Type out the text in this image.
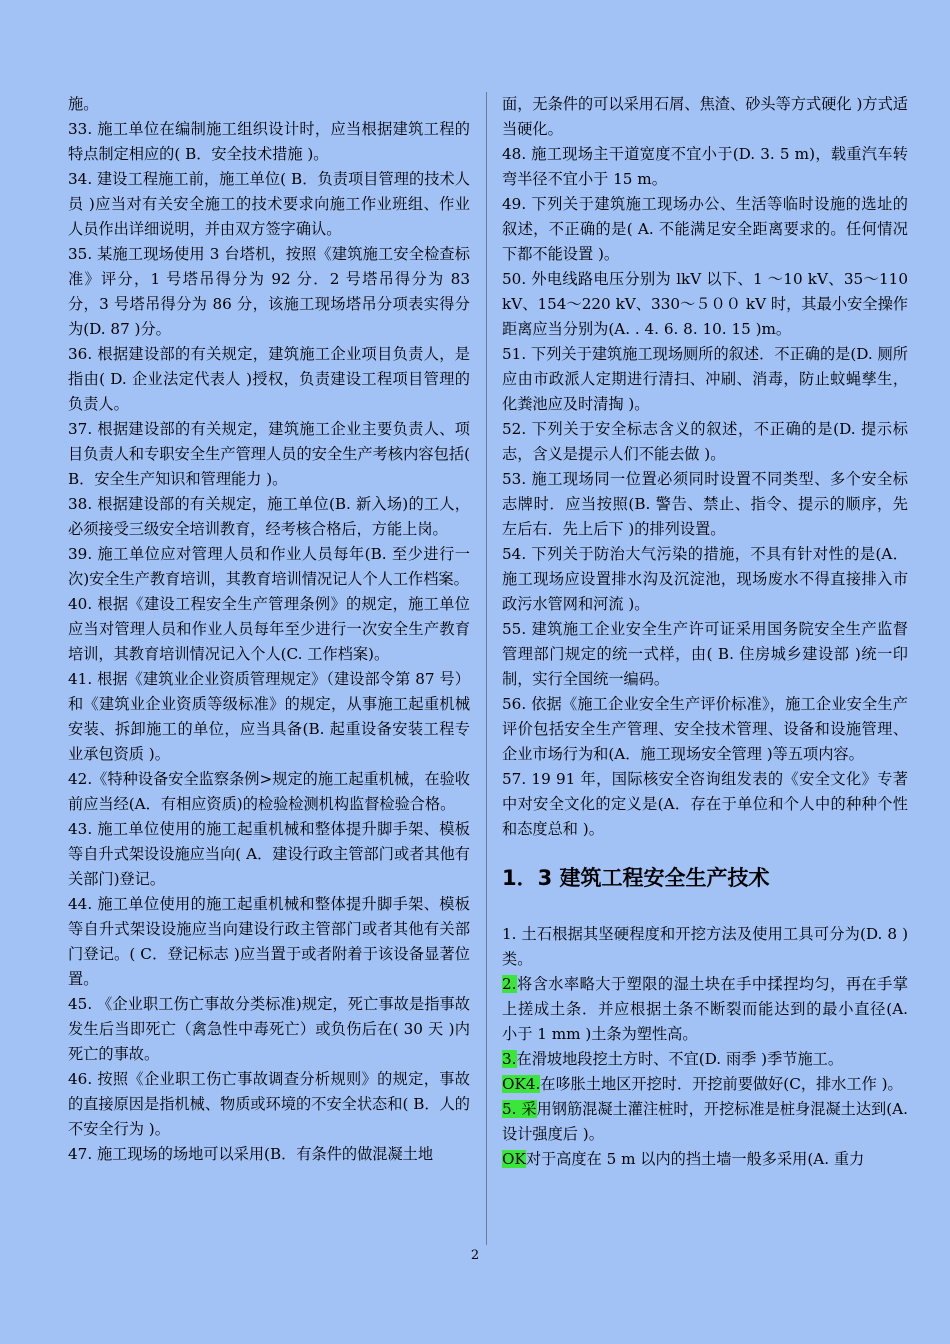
施。

33. 施工单位在编制施工组织设计时，应当根据建筑工程的特点制定相应的( B．安全技术措施 )。

34. 建设工程施工前，施工单位( B．负责项目管理的技术人员 )应当对有关安全施工的技术要求向施工作业班组、作业人员作出详细说明，并由双方签字确认。

35. 某施工现场使用 3 台塔机，按照《建筑施工安全检查标准》评分，1 号塔吊得分为 92 分．2 号塔吊得分为 83 分，3 号塔吊得分为 86 分，该施工现场塔吊分项表实得分为(D. 87 )分。

36. 根据建设部的有关规定，建筑施工企业项目负责人，是指由( D. 企业法定代表人 )授权，负责建设工程项目管理的负责人。

37. 根据建设部的有关规定，建筑施工企业主要负责人、项目负责人和专职安全生产管理人员的安全生产考核内容包括( B．安全生产知识和管理能力 )。

38. 根据建设部的有关规定，施工单位(B. 新入场)的工人，必须接受三级安全培训教育，经考核合格后，方能上岗。

39. 施工单位应对管理人员和作业人员每年(B. 至少进行一次)安全生产教育培训，其教育培训情况记人个人工作档案。

40. 根据《建设工程安全生产管理条例》的规定，施工单位应当对管理人员和作业人员每年至少进行一次安全生产教育培训，其教育培训情况记入个人(C. 工作档案)。

41. 根据《建筑业企业资质管理规定》（建设部令第 87 号）和《建筑业企业资质等级标准》的规定，从事施工起重机械安装、拆卸施工的单位，应当具备(B. 起重设备安装工程专业承包资质 )。

42.《特种设备安全监察条例>规定的施工起重机械，在验收前应当经(A．有相应资质)的检验检测机构监督检验合格。

43. 施工单位使用的施工起重机械和整体提升脚手架、模板等自升式架设设施应当向( A．建设行政主管部门或者其他有关部门)登记。

44. 施工单位使用的施工起重机械和整体提升脚手架、模板等自升式架设设施应当向建设行政主管部门或者其他有关部门登记。( C．登记标志 )应当置于或者附着于该设备显著位置。

45. 《企业职工伤亡事故分类标准)规定，死亡事故是指事故发生后当即死亡（禽急性中毒死亡）或负伤后在( 30 天 )内死亡的事故。

46. 按照《企业职工伤亡事故调查分析规则》的规定，事故的直接原因是指机械、物质或环境的不安全状态和( B．人的不安全行为 )。

47. 施工现场的场地可以采用(B．有条件的做混凝土地

面，无条件的可以采用石屑、焦渣、砂头等方式硬化 )方式适当硬化。

48. 施工现场主干道宽度不宜小于(D. 3. 5 m)，载重汽车转弯半径不宜小于 15 m。

49. 下列关于建筑施工现场办公、生活等临时设施的选址的叙述，不正确的是( A. 不能满足安全距离要求的。任何情况下都不能设置 )。

50. 外电线路电压分别为 lkV 以下、1 ～10 kV、35～110 kV、154～220 kV、330～５００ kV 时，其最小安全操作距离应当分别为(A. . 4. 6. 8. 10. 15 )m。

51. 下列关于建筑施工现场厕所的叙述．不正确的是(D. 厕所应由市政派人定期进行清扫、冲刷、消毒，防止蚊蝇孳生，化粪池应及时清掏 )。

52. 下列关于安全标志含义的叙述，不正确的是(D. 提示标志，含义是提示人们不能去做 )。

53. 施工现场同一位置必须同时设置不同类型、多个安全标志牌时．应当按照(B. 警告、禁止、指令、提示的顺序，先左后右．先上后下 )的排列设置。

54. 下列关于防治大气污染的措施，不具有针对性的是(A．施工现场应设置排水沟及沉淀池，现场废水不得直接排入市政污水管网和河流 )。

55. 建筑施工企业安全生产许可证采用国务院安全生产监督管理部门规定的统一式样，由( B. 住房城乡建设部 )统一印制，实行全国统一编码。

56. 依据《施工企业安全生产评价标准》，施工企业安全生产评价包括安全生产管理、安全技术管理、设备和设施管理、企业市场行为和(A．施工现场安全管理 )等五项内容。

57. 19 91 年，国际核安全咨询组发表的《安全文化》专著中对安全文化的定义是(A．存在于单位和个人中的种种个性和态度总和 )。

1．3 建筑工程安全生产技术

1. 土石根据其坚硬程度和开挖方法及使用工具可分为(D. 8 )类。

2.将含水率略大于塑限的湿土块在手中揉捏均匀，再在手掌上搓成土条．并应根据土条不断裂而能达到的最小直径(A. 小于 1 mm )土条为塑性高。

3.在滑坡地段挖土方时、不宜(D. 雨季 )季节施工。

OK4.在哆胀土地区开挖时．开挖前要做好(C，排水工作 )。

5. 采用钢筋混凝土灌注桩时，开挖标准是桩身混凝土达到(A. 设计强度后 )。

OK对于高度在 5 m 以内的挡土墙一般多采用(A. 重力

2
